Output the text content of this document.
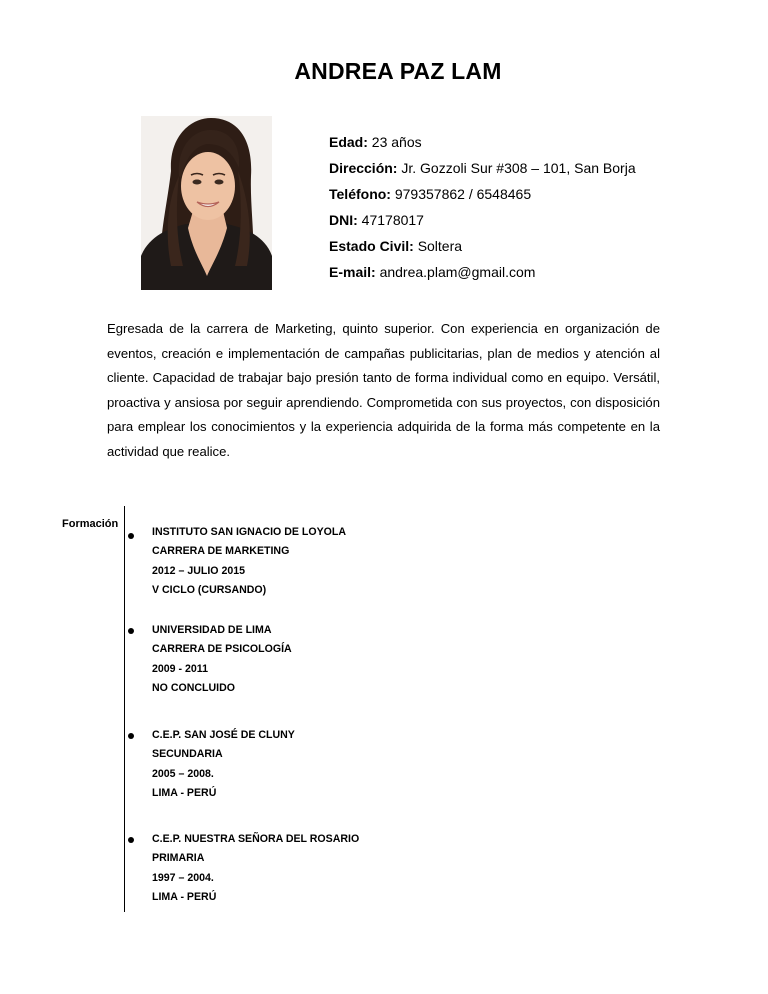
ANDREA PAZ LAM
Edad: 23 años
Dirección: Jr. Gozzoli Sur #308 – 101, San Borja
Teléfono: 979357862 / 6548465
DNI: 47178017
Estado Civil: Soltera
E-mail: andrea.plam@gmail.com
Egresada de la carrera de Marketing, quinto superior. Con experiencia en organización de eventos, creación e implementación de campañas publicitarias, plan de medios y atención al cliente. Capacidad de trabajar bajo presión tanto de forma individual como en equipo. Versátil, proactiva y ansiosa por seguir aprendiendo. Comprometida con sus proyectos, con disposición para emplear los conocimientos y la experiencia adquirida de la forma más competente en la actividad que realice.
Formación
INSTITUTO SAN IGNACIO DE LOYOLA
CARRERA DE MARKETING
2012 – JULIO 2015
V CICLO (CURSANDO)
UNIVERSIDAD DE LIMA
CARRERA DE PSICOLOGÍA
2009 - 2011
NO CONCLUIDO
C.E.P. SAN JOSÉ DE CLUNY
SECUNDARIA
2005 – 2008.
LIMA - PERÚ
C.E.P. NUESTRA SEÑORA DEL ROSARIO
PRIMARIA
1997 – 2004.
LIMA - PERÚ
